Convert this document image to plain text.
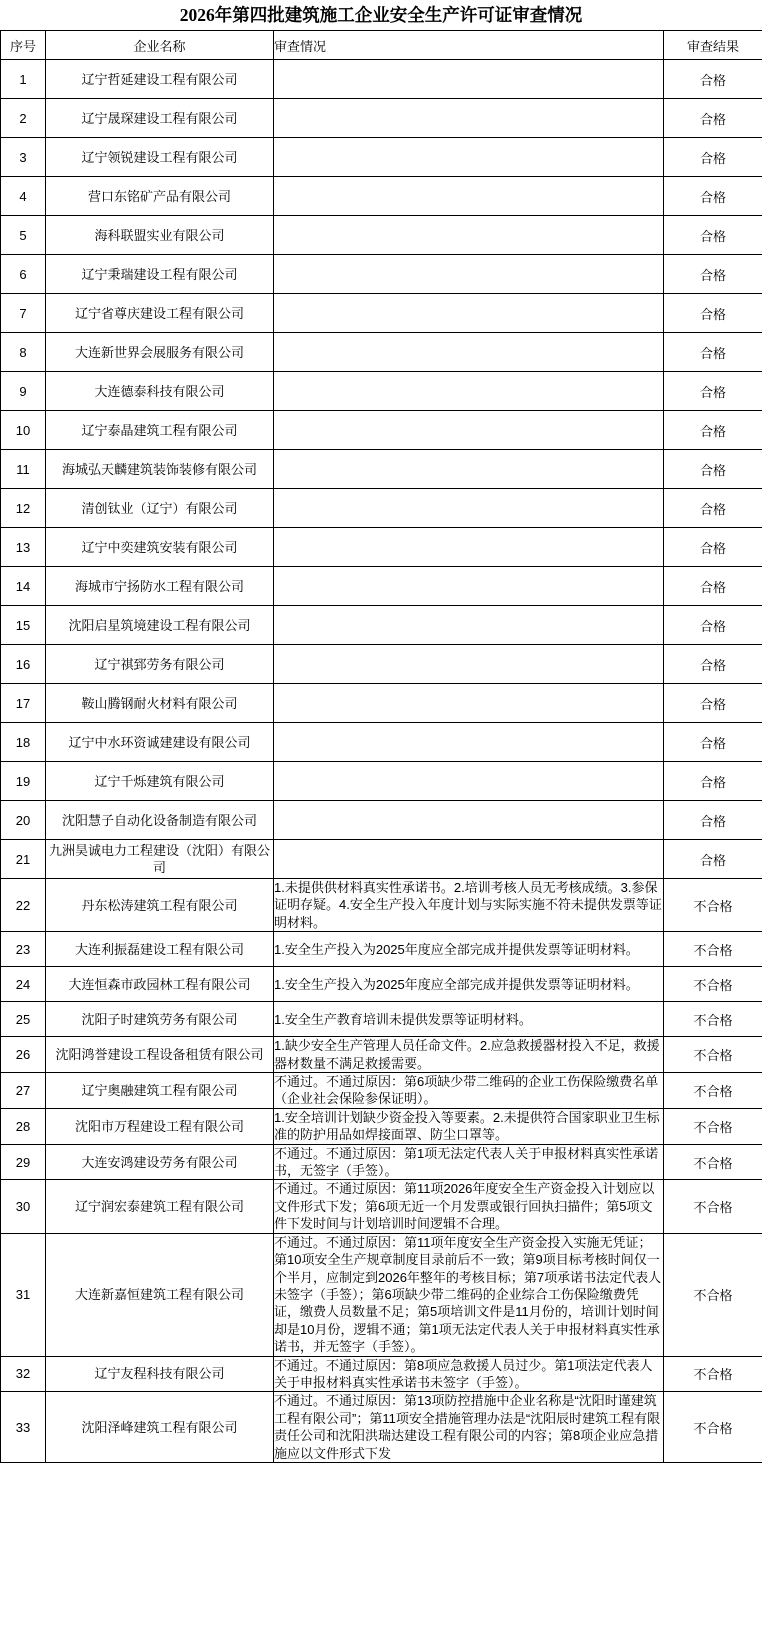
2026年第四批建筑施工企业安全生产许可证审查情况
序号	企业名称	审查情况	审查结果
1	辽宁哲延建设工程有限公司		合格
2	辽宁晟琛建设工程有限公司		合格
3	辽宁领锐建设工程有限公司		合格
4	营口东铭矿产品有限公司		合格
5	海科联盟实业有限公司		合格
6	辽宁秉瑞建设工程有限公司		合格
7	辽宁省尊庆建设工程有限公司		合格
8	大连新世界会展服务有限公司		合格
9	大连德泰科技有限公司		合格
10	辽宁泰晶建筑工程有限公司		合格
11	海城弘天麟建筑装饰装修有限公司		合格
12	清创钛业（辽宁）有限公司		合格
13	辽宁中奕建筑安装有限公司		合格
14	海城市宁扬防水工程有限公司		合格
15	沈阳启星筑境建设工程有限公司		合格
16	辽宁祺郅劳务有限公司		合格
17	鞍山腾钢耐火材料有限公司		合格
18	辽宁中水环资诚建建设有限公司		合格
19	辽宁千烁建筑有限公司		合格
20	沈阳慧子自动化设备制造有限公司		合格
21	九洲昊诚电力工程建设（沈阳）有限公司		合格
22	丹东松涛建筑工程有限公司	1.未提供供材料真实性承诺书。2.培训考核人员无考核成绩。3.参保证明存疑。4.安全生产投入年度计划与实际实施不符未提供发票等证明材料。	不合格
23	大连利振磊建设工程有限公司	1.安全生产投入为2025年度应全部完成并提供发票等证明材料。	不合格
24	大连恒森市政园林工程有限公司	1.安全生产投入为2025年度应全部完成并提供发票等证明材料。	不合格
25	沈阳子时建筑劳务有限公司	1.安全生产教育培训未提供发票等证明材料。	不合格
26	沈阳鸿誉建设工程设备租赁有限公司	1.缺少安全生产管理人员任命文件。2.应急救援器材投入不足，救援器材数量不满足救援需要。	不合格
27	辽宁奥融建筑工程有限公司	不通过。不通过原因：第6项缺少带二维码的企业工伤保险缴费名单（企业社会保险参保证明）。	不合格
28	沈阳市万程建设工程有限公司	1.安全培训计划缺少资金投入等要素。2.未提供符合国家职业卫生标准的防护用品如焊接面罩、防尘口罩等。	不合格
29	大连安鸿建设劳务有限公司	不通过。不通过原因：第1项无法定代表人关于申报材料真实性承诺书，无签字（手签）。	不合格
30	辽宁润宏泰建筑工程有限公司	不通过。不通过原因：第11项2026年度安全生产资金投入计划应以文件形式下发；第6项无近一个月发票或银行回执扫描件；第5项文件下发时间与计划培训时间逻辑不合理。	不合格
31	大连新嘉恒建筑工程有限公司	不通过。不通过原因：第11项年度安全生产资金投入实施无凭证；第10项安全生产规章制度目录前后不一致；第9项目标考核时间仅一个半月，应制定到2026年整年的考核目标；第7项承诺书法定代表人未签字（手签）；第6项缺少带二维码的企业综合工伤保险缴费凭证，缴费人员数量不足；第5项培训文件是11月份的，培训计划时间却是10月份，逻辑不通；第1项无法定代表人关于申报材料真实性承诺书，并无签字（手签）。	不合格
32	辽宁友程科技有限公司	不通过。不通过原因：第8项应急救援人员过少。第1项法定代表人关于申报材料真实性承诺书未签字（手签）。	不合格
33	沈阳泽峰建筑工程有限公司	不通过。不通过原因：第13项防控措施中企业名称是“沈阳时谨建筑工程有限公司”；第11项安全措施管理办法是“沈阳辰时建筑工程有限责任公司和沈阳洪瑞达建设工程有限公司的内容；第8项企业应急措施应以文件形式下发	不合格
